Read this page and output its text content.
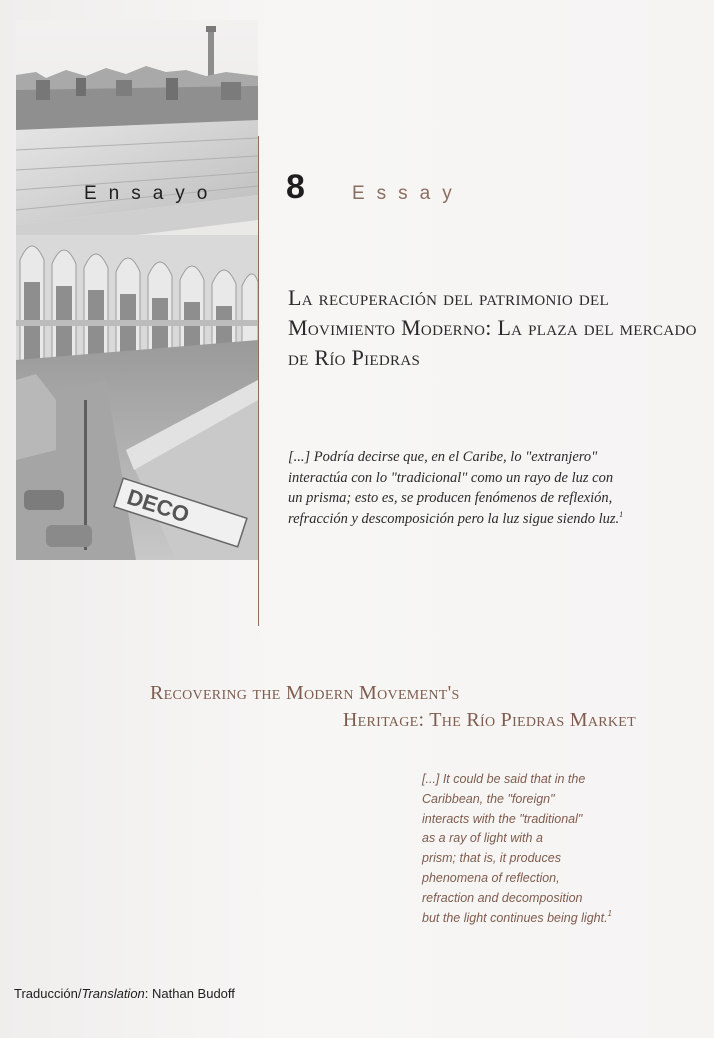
DECO
Ensayo 8 Essay
La recuperación del patrimonio del Movimiento Moderno: La plaza del mercado de Río Piedras
[...] Podría decirse que, en el Caribe, lo "extranjero"
interactúa con lo "tradicional" como un rayo de luz con
un prisma; esto es, se producen fenómenos de reflexión,
refracción y descomposición pero la luz sigue siendo luz.$^1$
Recovering the Modern Movement's
Heritage: The Río Piedras Market
[...] It could be said that in the
Caribbean, the "foreign"
interacts with the "traditional"
as a ray of light with a
prism; that is, it produces
phenomena of reflection,
refraction and decomposition
but the light continues being light.$^1$
Traducción/Translation: Nathan Budoff
